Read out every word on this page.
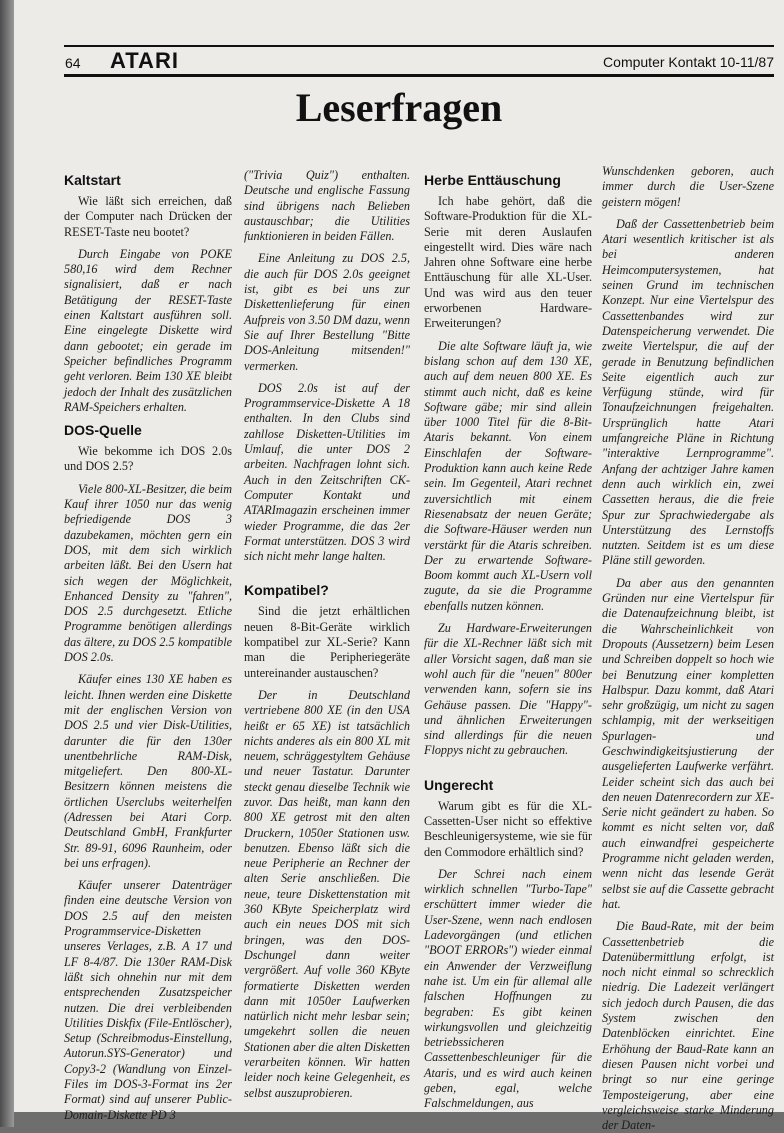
64 ATARI	Computer Kontakt 10-11/87
Leserfragen
Kaltstart

Wie läßt sich erreichen, daß der Computer nach Drücken der RESET-Taste neu bootet?

Durch Eingabe von POKE 580,16 wird dem Rechner signalisiert, daß er nach Betätigung der RESET-Taste einen Kaltstart ausführen soll. Eine eingelegte Diskette wird dann gebootet; ein gerade im Speicher befindliches Programm geht verloren. Beim 130 XE bleibt jedoch der Inhalt des zusätzlichen RAM-Speichers erhalten.

DOS-Quelle

Wie bekomme ich DOS 2.0s und DOS 2.5?

Viele 800-XL-Besitzer, die beim Kauf ihrer 1050 nur das wenig befriedigende DOS 3 dazubekamen, möchten gern ein DOS, mit dem sich wirklich arbeiten läßt. Bei den Usern hat sich wegen der Möglichkeit, Enhanced Density zu "fahren", DOS 2.5 durchgesetzt. Etliche Programme benötigen allerdings das ältere, zu DOS 2.5 kompatible DOS 2.0s.

Käufer eines 130 XE haben es leicht. Ihnen werden eine Diskette mit der englischen Version von DOS 2.5 und vier Disk-Utilities, darunter die für den 130er unentbehrliche RAM-Disk, mitgeliefert. Den 800-XL-Besitzern können meistens die örtlichen Userclubs weiterhelfen (Adressen bei Atari Corp. Deutschland GmbH, Frankfurter Str. 89-91, 6096 Raunheim, oder bei uns erfragen).

Käufer unserer Datenträger finden eine deutsche Version von DOS 2.5 auf den meisten Programmservice-Disketten unseres Verlages, z.B. A 17 und LF 8-4/87. Die 130er RAM-Disk läßt sich ohnehin nur mit dem entsprechenden Zusatzspeicher nutzen. Die drei verbleibenden Utilities Diskfix (File-Entlöscher), Setup (Schreibmodus-Einstellung, Autorun.SYS-Generator) und Copy3-2 (Wandlung von Einzel-Files im DOS-3-Format ins 2er Format) sind auf unserer Public-Domain-Diskette PD 3

("Trivia Quiz") enthalten. Deutsche und englische Fassung sind übrigens nach Belieben austauschbar; die Utilities funktionieren in beiden Fällen.

Eine Anleitung zu DOS 2.5, die auch für DOS 2.0s geeignet ist, gibt es bei uns zur Diskettenlieferung für einen Aufpreis von 3.50 DM dazu, wenn Sie auf Ihrer Bestellung "Bitte DOS-Anleitung mitsenden!" vermerken.

DOS 2.0s ist auf der Programmservice-Diskette A 18 enthalten. In den Clubs sind zahllose Disketten-Utilities im Umlauf, die unter DOS 2 arbeiten. Nachfragen lohnt sich. Auch in den Zeitschriften CK-Computer Kontakt und ATARImagazin erscheinen immer wieder Programme, die das 2er Format unterstützen. DOS 3 wird sich nicht mehr lange halten.

Kompatibel?

Sind die jetzt erhältlichen neuen 8-Bit-Geräte wirklich kompatibel zur XL-Serie? Kann man die Peripheriegeräte untereinander austauschen?

Der in Deutschland vertriebene 800 XE (in den USA heißt er 65 XE) ist tatsächlich nichts anderes als ein 800 XL mit neuem, schräggestyltem Gehäuse und neuer Tastatur. Darunter steckt genau dieselbe Technik wie zuvor. Das heißt, man kann den 800 XE getrost mit den alten Druckern, 1050er Stationen usw. benutzen. Ebenso läßt sich die neue Peripherie an Rechner der alten Serie anschließen. Die neue, teure Diskettenstation mit 360 KByte Speicherplatz wird auch ein neues DOS mit sich bringen, was den DOS-Dschungel dann weiter vergrößert. Auf volle 360 KByte formatierte Disketten werden dann mit 1050er Laufwerken natürlich nicht mehr lesbar sein; umgekehrt sollen die neuen Stationen aber die alten Disketten verarbeiten können. Wir hatten leider noch keine Gelegenheit, es selbst auszuprobieren.

Herbe Enttäuschung

Ich habe gehört, daß die Software-Produktion für die XL-Serie mit deren Auslaufen eingestellt wird. Dies wäre nach Jahren ohne Software eine herbe Enttäuschung für alle XL-User. Und was wird aus den teuer erworbenen Hardware-Erweiterungen?

Die alte Software läuft ja, wie bislang schon auf dem 130 XE, auch auf dem neuen 800 XE. Es stimmt auch nicht, daß es keine Software gäbe; mir sind allein über 1000 Titel für die 8-Bit-Ataris bekannt. Von einem Einschlafen der Software-Produktion kann auch keine Rede sein. Im Gegenteil, Atari rechnet zuversichtlich mit einem Riesenabsatz der neuen Geräte; die Software-Häuser werden nun verstärkt für die Ataris schreiben. Der zu erwartende Software-Boom kommt auch XL-Usern voll zugute, da sie die Programme ebenfalls nutzen können.

Zu Hardware-Erweiterungen für die XL-Rechner läßt sich mit aller Vorsicht sagen, daß man sie wohl auch für die "neuen" 800er verwenden kann, sofern sie ins Gehäuse passen. Die "Happy"- und ähnlichen Erweiterungen sind allerdings für die neuen Floppys nicht zu gebrauchen.

Ungerecht

Warum gibt es für die XL-Cassetten-User nicht so effektive Beschleunigersysteme, wie sie für den Commodore erhältlich sind?

Der Schrei nach einem wirklich schnellen "Turbo-Tape" erschüttert immer wieder die User-Szene, wenn nach endlosen Ladevorgängen (und etlichen "BOOT ERRORs") wieder einmal ein Anwender der Verzweiflung nahe ist. Um ein für allemal alle falschen Hoffnungen zu begraben: Es gibt keinen wirkungsvollen und gleichzeitig betriebssicheren Cassettenbeschleuniger für die Ataris, und es wird auch keinen geben, egal, welche Falschmeldungen, aus

Wunschdenken geboren, auch immer durch die User-Szene geistern mögen!

Daß der Cassettenbetrieb beim Atari wesentlich kritischer ist als bei anderen Heimcomputersystemen, hat seinen Grund im technischen Konzept. Nur eine Viertelspur des Cassettenbandes wird zur Datenspeicherung verwendet. Die zweite Viertelspur, die auf der gerade in Benutzung befindlichen Seite eigentlich auch zur Verfügung stünde, wird für Tonaufzeichnungen freigehalten. Ursprünglich hatte Atari umfangreiche Pläne in Richtung "interaktive Lernprogramme". Anfang der achtziger Jahre kamen denn auch wirklich ein, zwei Cassetten heraus, die die freie Spur zur Sprachwiedergabe als Unterstützung des Lernstoffs nutzten. Seitdem ist es um diese Pläne still geworden.

Da aber aus den genannten Gründen nur eine Viertelspur für die Datenaufzeichnung bleibt, ist die Wahrscheinlichkeit von Dropouts (Aussetzern) beim Lesen und Schreiben doppelt so hoch wie bei Benutzung einer kompletten Halbspur. Dazu kommt, daß Atari sehr großzügig, um nicht zu sagen schlampig, mit der werkseitigen Spurlagen- und Geschwindigkeitsjustierung der ausgelieferten Laufwerke verfährt. Leider scheint sich das auch bei den neuen Datenrecordern zur XE-Serie nicht geändert zu haben. So kommt es nicht selten vor, daß auch einwandfrei gespeicherte Programme nicht geladen werden, wenn nicht das lesende Gerät selbst sie auf die Cassette gebracht hat.

Die Baud-Rate, mit der beim Cassettenbetrieb die Datenübermittlung erfolgt, ist noch nicht einmal so schrecklich niedrig. Die Ladezeit verlängert sich jedoch durch Pausen, die das System zwischen den Datenblöcken einrichtet. Eine Erhöhung der Baud-Rate kann an diesen Pausen nicht vorbei und bringt so nur eine geringe Temposteigerung, aber eine vergleichsweise starke Minderung der Daten-
